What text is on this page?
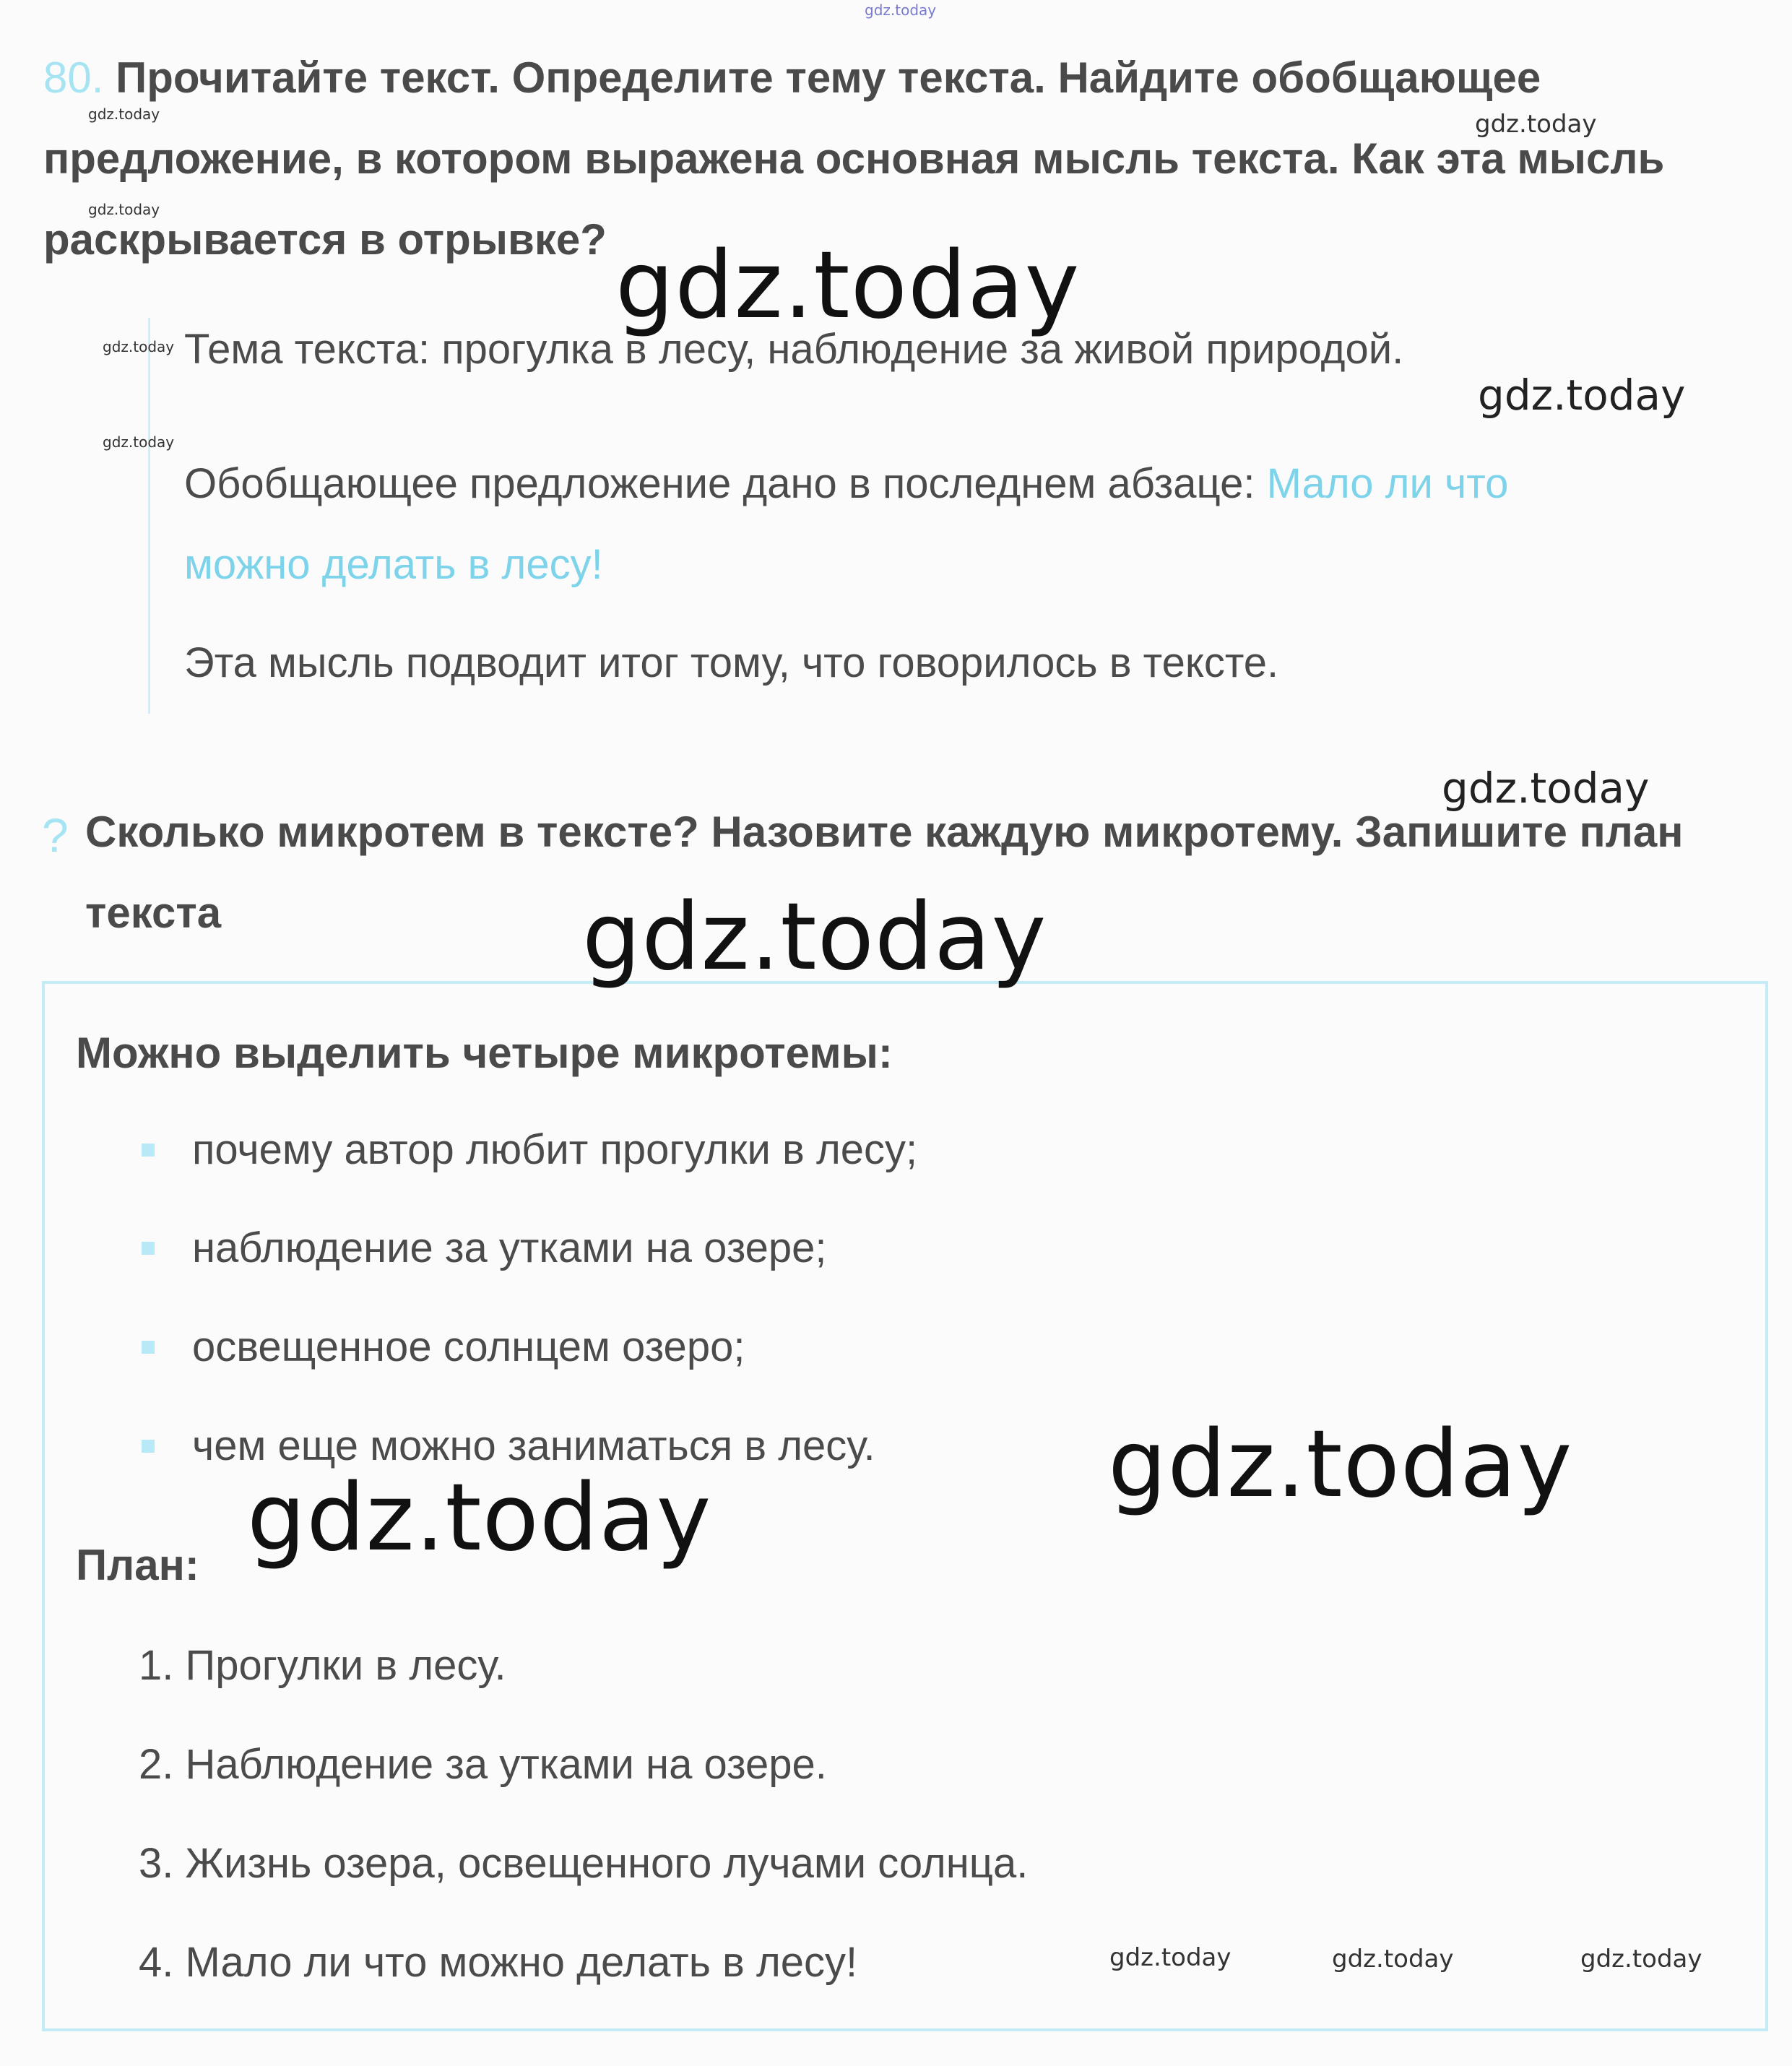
gdz.today
80. Прочитайте текст. Определите тему текста. Найдите обобщающее предложение, в котором выражена основная мысль текста. Как эта мысль раскрывается в отрывке?
Тема текста: прогулка в лесу, наблюдение за живой природой.
Обобщающее предложение дано в последнем абзаце: Мало ли что
можно делать в лесу!
Эта мысль подводит итог тому, что говорилось в тексте.
? Сколько микротем в тексте? Назовите каждую микротему. Запишите план текста
Можно выделить четыре микротемы:
почему автор любит прогулки в лесу;
наблюдение за утками на озере;
освещенное солнцем озеро;
чем еще можно заниматься в лесу.
План:
1. Прогулки в лесу.
2. Наблюдение за утками на озере.
3. Жизнь озера, освещенного лучами солнца.
4. Мало ли что можно делать в лесу!
gdz.today
gdz.today
gdz.today
gdz.today
gdz.today
gdz.today
gdz.today
gdz.today
gdz.today
gdz.today
gdz.today
gdz.today	gdz.today	gdz.today
